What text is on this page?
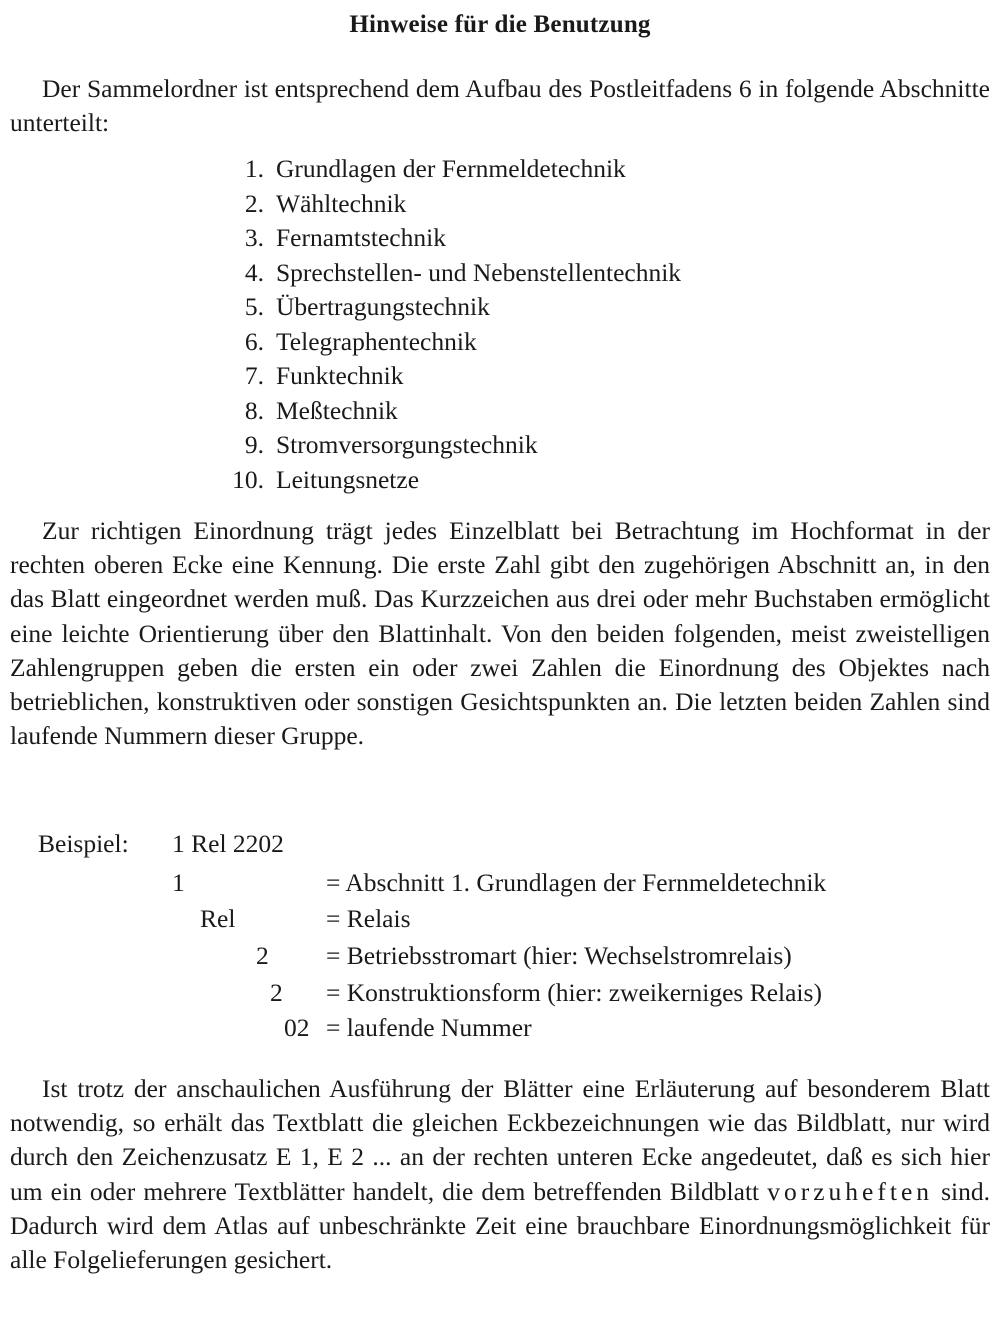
Hinweise für die Benutzung

Der Sammelordner ist entsprechend dem Aufbau des Postleitfadens 6 in folgende Abschnitte unterteilt:

1. Grundlagen der Fernmeldetechnik
2. Wähltechnik
3. Fernamtstechnik
4. Sprechstellen- und Nebenstellentechnik
5. Übertragungstechnik
6. Telegraphentechnik
7. Funktechnik
8. Meßtechnik
9. Stromversorgungstechnik
10. Leitungsnetze

Zur richtigen Einordnung trägt jedes Einzelblatt bei Betrachtung im Hochformat in der rechten oberen Ecke eine Kennung. Die erste Zahl gibt den zugehörigen Abschnitt an, in den das Blatt eingeordnet werden muß. Das Kurzzeichen aus drei oder mehr Buchstaben ermöglicht eine leichte Orientierung über den Blattinhalt. Von den beiden folgenden, meist zweistelligen Zahlengruppen geben die ersten ein oder zwei Zahlen die Einordnung des Objektes nach betrieblichen, konstruktiven oder sonstigen Gesichtspunkten an. Die letzten beiden Zahlen sind laufende Nummern dieser Gruppe.

Beispiel: 1 Rel 2202
1	= Abschnitt 1. Grundlagen der Fernmeldetechnik
Rel	= Relais
2 = Betriebsstromart (hier: Wechselstromrelais)
2 = Konstruktionsform (hier: zweikerniges Relais)
02 = laufende Nummer

Ist trotz der anschaulichen Ausführung der Blätter eine Erläuterung auf besonderem Blatt notwendig, so erhält das Textblatt die gleichen Eckbezeichnungen wie das Bildblatt, nur wird durch den Zeichenzusatz E 1, E 2 ... an der rechten unteren Ecke angedeutet, daß es sich hier um ein oder mehrere Textblätter handelt, die dem betreffenden Bildblatt vorzuheften sind. Dadurch wird dem Atlas auf unbeschränkte Zeit eine brauchbare Einordnungsmöglichkeit für alle Folgelieferungen gesichert.
